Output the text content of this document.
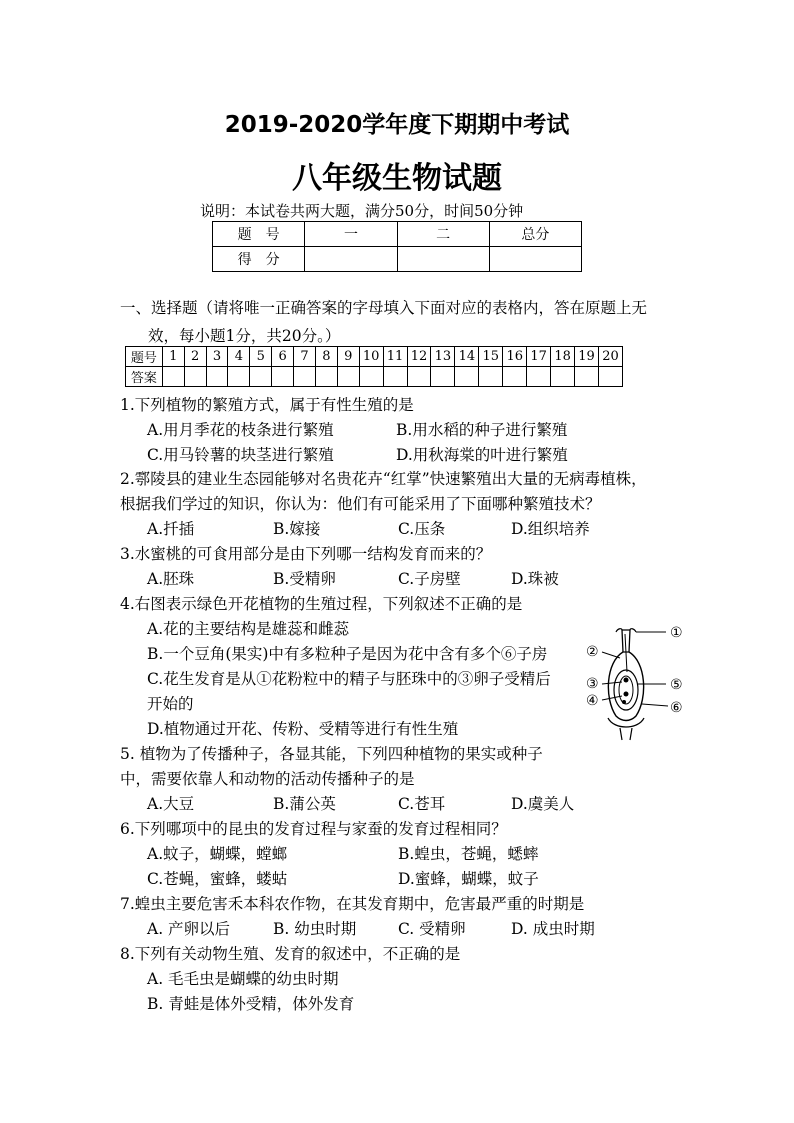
2019-2020学年度下期期中考试
八年级生物试题
说明：本试卷共两大题，满分50分，时间50分钟
题　号	一	二	总分
得　分			
一、选择题（请将唯一正确答案的字母填入下面对应的表格内，答在原题上无
效，每小题1分，共20分。）
题号	1	2	3	4	5	6	7	8	9	10	11	12	13	14	15	16	17	18	19	20
答案																				
1.下列植物的繁殖方式，属于有性生殖的是
A.用月季花的枝条进行繁殖	B.用水稻的种子进行繁殖
C.用马铃薯的块茎进行繁殖	D.用秋海棠的叶进行繁殖
2.鄠陵县的建业生态园能够对名贵花卉“红掌”快速繁殖出大量的无病毒植株，
根据我们学过的知识，你认为：他们有可能采用了下面哪种繁殖技术？
A.扦插	B.嫁接	C.压条	D.组织培养
3.水蜜桃的可食用部分是由下列哪一结构发育而来的？
A.胚珠	B.受精卵	C.子房壁	D.珠被
4.右图表示绿色开花植物的生殖过程，下列叙述不正确的是
A.花的主要结构是雄蕊和雌蕊
B.一个豆角(果实)中有多粒种子是因为花中含有多个⑥子房
C.花生发育是从①花粉粒中的精子与胚珠中的③卵子受精后
开始的
D.植物通过开花、传粉、受精等进行有性生殖
①
②
③
④
⑤
⑥
5. 植物为了传播种子，各显其能，下列四种植物的果实或种子
中，需要依靠人和动物的活动传播种子的是
A.大豆	B.蒲公英	C.苍耳	D.虞美人
6.下列哪项中的昆虫的发育过程与家蚕的发育过程相同？
A.蚊子，蝴蝶，螳螂	B.蝗虫，苍蝇，蟋蟀
C.苍蝇，蜜蜂，蝼蛄	D.蜜蜂，蝴蝶，蚊子
7.蝗虫主要危害禾本科农作物，在其发育期中，危害最严重的时期是
A. 产卵以后	B. 幼虫时期	C. 受精卵	D. 成虫时期
8.下列有关动物生殖、发育的叙述中，不正确的是
A. 毛毛虫是蝴蝶的幼虫时期
B. 青蛙是体外受精，体外发育
